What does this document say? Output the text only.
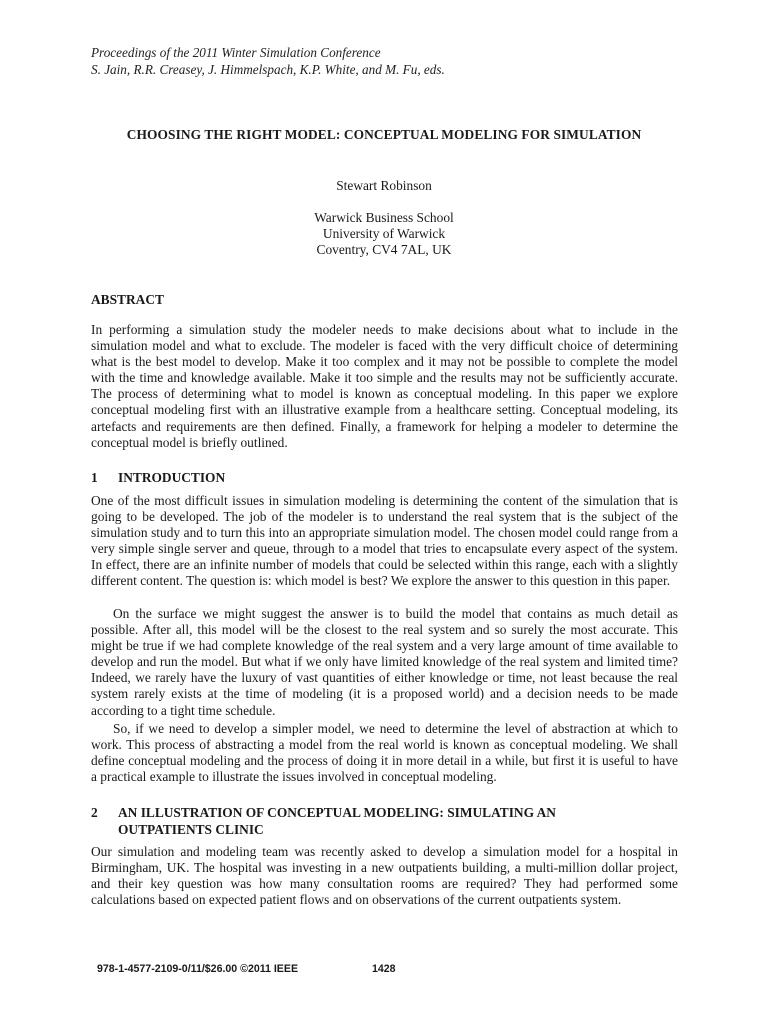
Proceedings of the 2011 Winter Simulation Conference
S. Jain, R.R. Creasey, J. Himmelspach, K.P. White, and M. Fu, eds.
CHOOSING THE RIGHT MODEL: CONCEPTUAL MODELING FOR SIMULATION
Stewart Robinson
Warwick Business School
University of Warwick
Coventry, CV4 7AL, UK
ABSTRACT

In performing a simulation study the modeler needs to make decisions about what to include in the simulation model and what to exclude. The modeler is faced with the very difficult choice of determining what is the best model to develop. Make it too complex and it may not be possible to complete the model with the time and knowledge available. Make it too simple and the results may not be sufficiently accurate. The process of determining what to model is known as conceptual modeling. In this paper we explore conceptual modeling first with an illustrative example from a healthcare setting. Conceptual modeling, its artefacts and requirements are then defined. Finally, a framework for helping a modeler to determine the conceptual model is briefly outlined.

1 INTRODUCTION

One of the most difficult issues in simulation modeling is determining the content of the simulation that is going to be developed. The job of the modeler is to understand the real system that is the subject of the simulation study and to turn this into an appropriate simulation model. The chosen model could range from a very simple single server and queue, through to a model that tries to encapsulate every aspect of the system. In effect, there are an infinite number of models that could be selected within this range, each with a slightly different content. The question is: which model is best? We explore the answer to this question in this paper.

On the surface we might suggest the answer is to build the model that contains as much detail as possible. After all, this model will be the closest to the real system and so surely the most accurate. This might be true if we had complete knowledge of the real system and a very large amount of time available to develop and run the model. But what if we only have limited knowledge of the real system and limited time? Indeed, we rarely have the luxury of vast quantities of either knowledge or time, not least because the real system rarely exists at the time of modeling (it is a proposed world) and a decision needs to be made according to a tight time schedule.

So, if we need to develop a simpler model, we need to determine the level of abstraction at which to work. This process of abstracting a model from the real world is known as conceptual modeling. We shall define conceptual modeling and the process of doing it in more detail in a while, but first it is useful to have a practical example to illustrate the issues involved in conceptual modeling.

2 AN ILLUSTRATION OF CONCEPTUAL MODELING: SIMULATING AN OUTPATIENTS CLINIC

Our simulation and modeling team was recently asked to develop a simulation model for a hospital in Birmingham, UK. The hospital was investing in a new outpatients building, a multi-million dollar project, and their key question was how many consultation rooms are required? They had performed some calculations based on expected patient flows and on observations of the current outpatients system.

978-1-4577-2109-0/11/$26.00 ©2011 IEEE	1428
